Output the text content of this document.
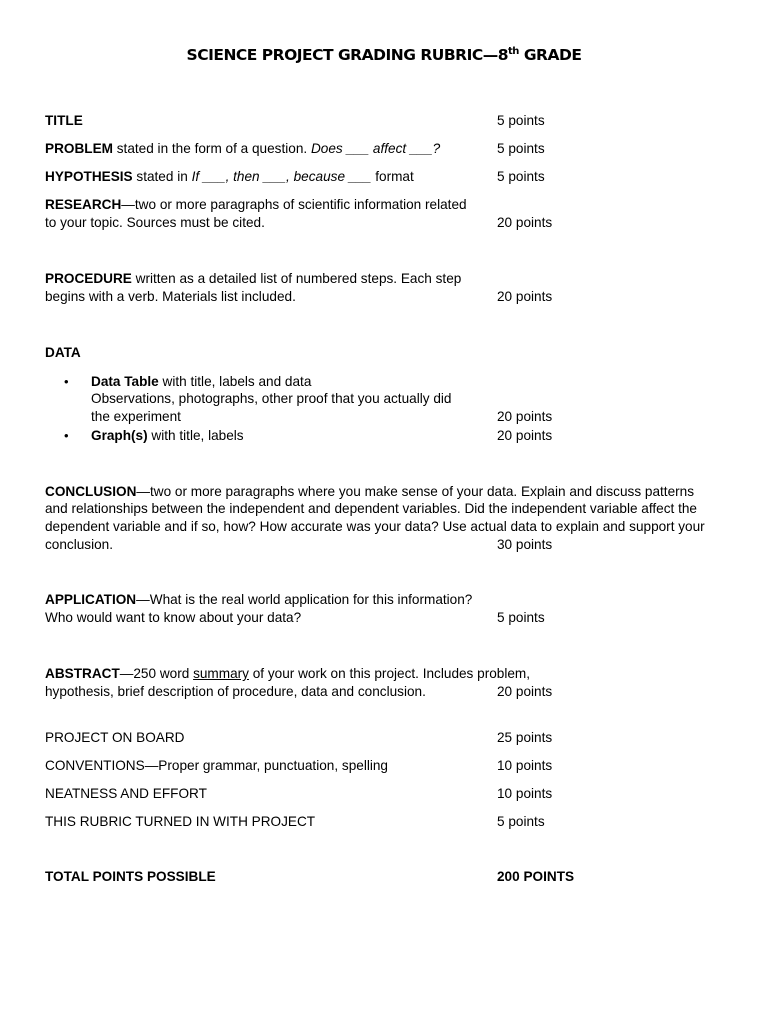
SCIENCE PROJECT GRADING RUBRIC—8th GRADE
TITLE	5 points
PROBLEM stated in the form of a question. Does ___ affect ___?	5 points
HYPOTHESIS stated in If ___, then ___, because ___ format	5 points
RESEARCH—two or more paragraphs of scientific information related
to your topic. Sources must be cited.	20 points
PROCEDURE written as a detailed list of numbered steps. Each step
begins with a verb. Materials list included.	20 points
DATA
• Data Table with title, labels and data
Observations, photographs, other proof that you actually did
the experiment	20 points
• Graph(s) with title, labels	20 points
CONCLUSION—two or more paragraphs where you make sense of your data. Explain and discuss patterns
and relationships between the independent and dependent variables. Did the independent variable affect the
dependent variable and if so, how? How accurate was your data? Use actual data to explain and support your
conclusion.	30 points
APPLICATION—What is the real world application for this information?
Who would want to know about your data?	5 points
ABSTRACT—250 word summary of your work on this project. Includes problem,
hypothesis, brief description of procedure, data and conclusion.	20 points
PROJECT ON BOARD	25 points
CONVENTIONS—Proper grammar, punctuation, spelling	10 points
NEATNESS AND EFFORT	10 points
THIS RUBRIC TURNED IN WITH PROJECT	5 points
TOTAL POINTS POSSIBLE	200 POINTS
